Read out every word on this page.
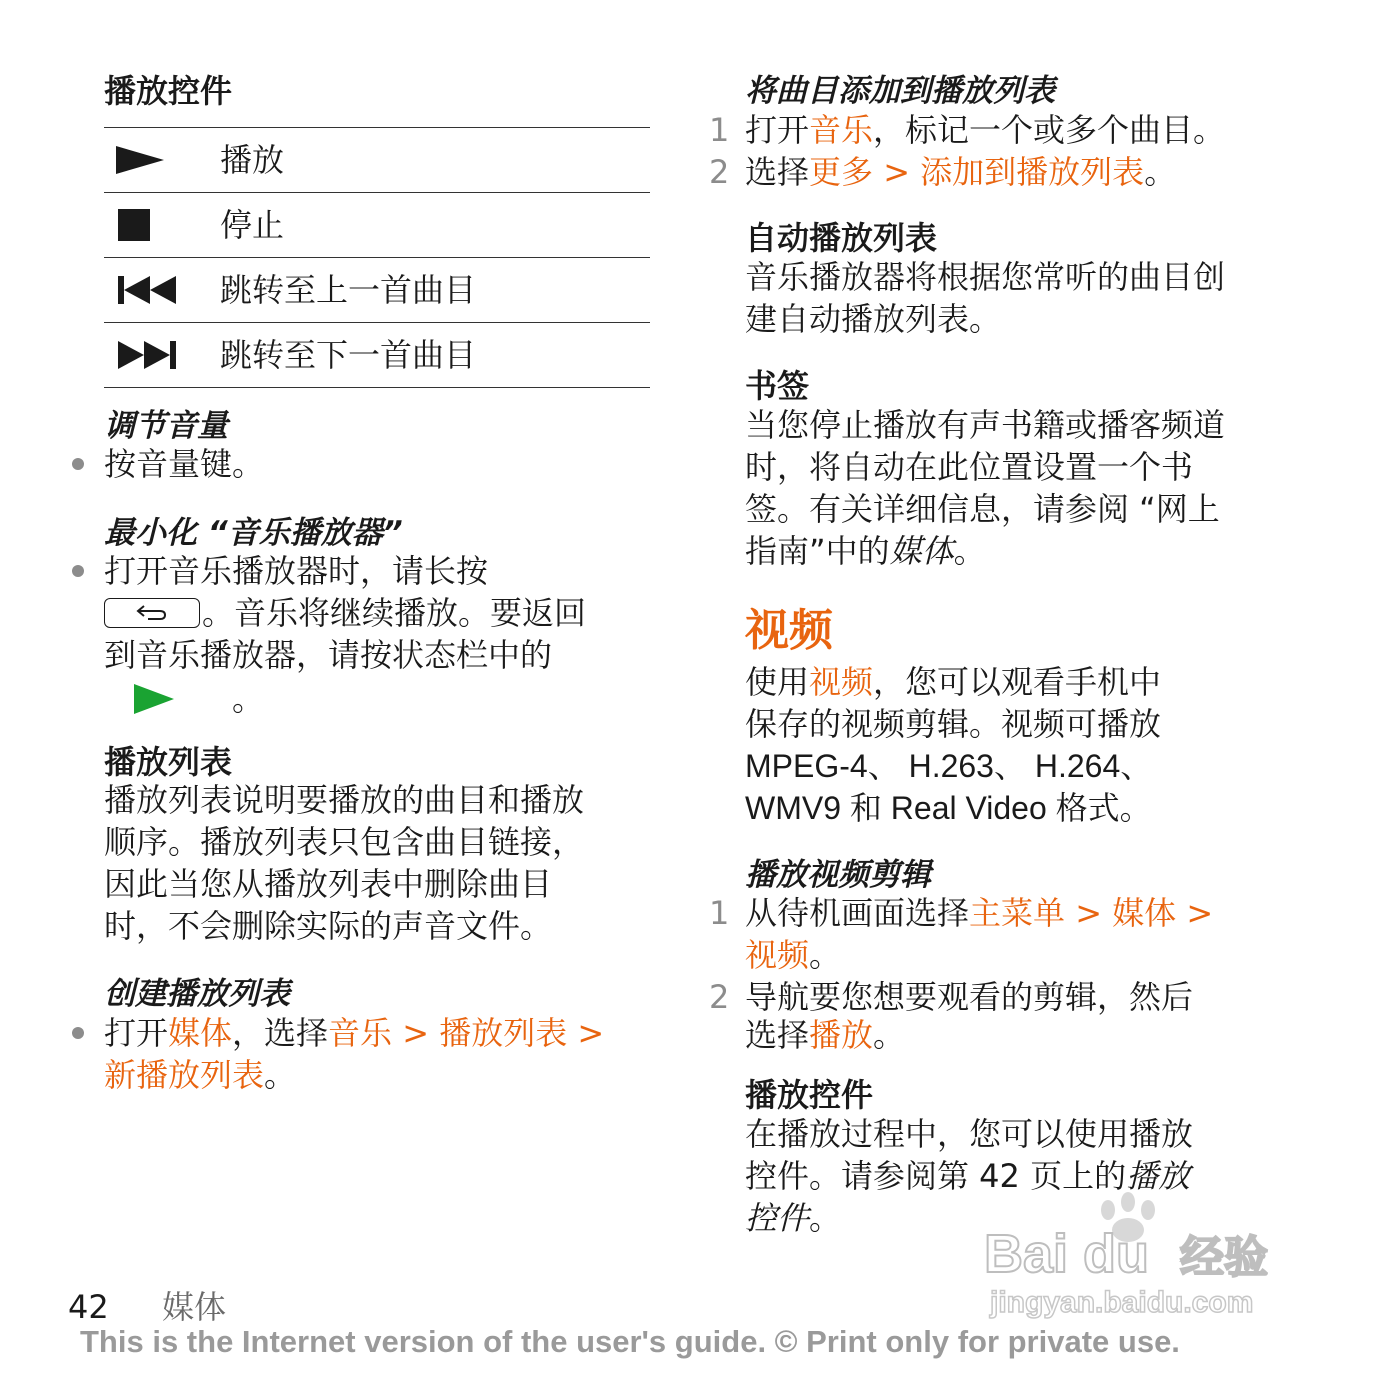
播放控件
播放
停止
跳转至上一首曲目
跳转至下一首曲目
调节音量
按音量键。
最小化 “音乐播放器”
打开音乐播放器时，请长按
。音乐将继续播放。要返回
到音乐播放器，请按状态栏中的
。
播放列表
播放列表说明要播放的曲目和播放
顺序。播放列表只包含曲目链接，
因此当您从播放列表中删除曲目
时，不会删除实际的声音文件。
创建播放列表
打开媒体，选择音乐 > 播放列表 >
新播放列表。
将曲目添加到播放列表
1 打开音乐，标记一个或多个曲目。
2 选择更多 > 添加到播放列表。
自动播放列表
音乐播放器将根据您常听的曲目创
建自动播放列表。
书签
当您停止播放有声书籍或播客频道
时，将自动在此位置设置一个书
签。有关详细信息，请参阅 “网上
指南”中的媒体。
视频
使用视频，您可以观看手机中
保存的视频剪辑。视频可播放
MPEG-4、 H.263、 H.264、
WMV9 和 Real Video 格式。
播放视频剪辑
1 从待机画面选择主菜单 > 媒体 >
视频。
2 导航要您想要观看的剪辑，然后
选择播放。
播放控件
在播放过程中，您可以使用播放
控件。请参阅第 42 页上的播放
控件。
Bai du 经验
jingyan.baidu.com
42 媒体
This is the Internet version of the user's guide. © Print only for private use.
